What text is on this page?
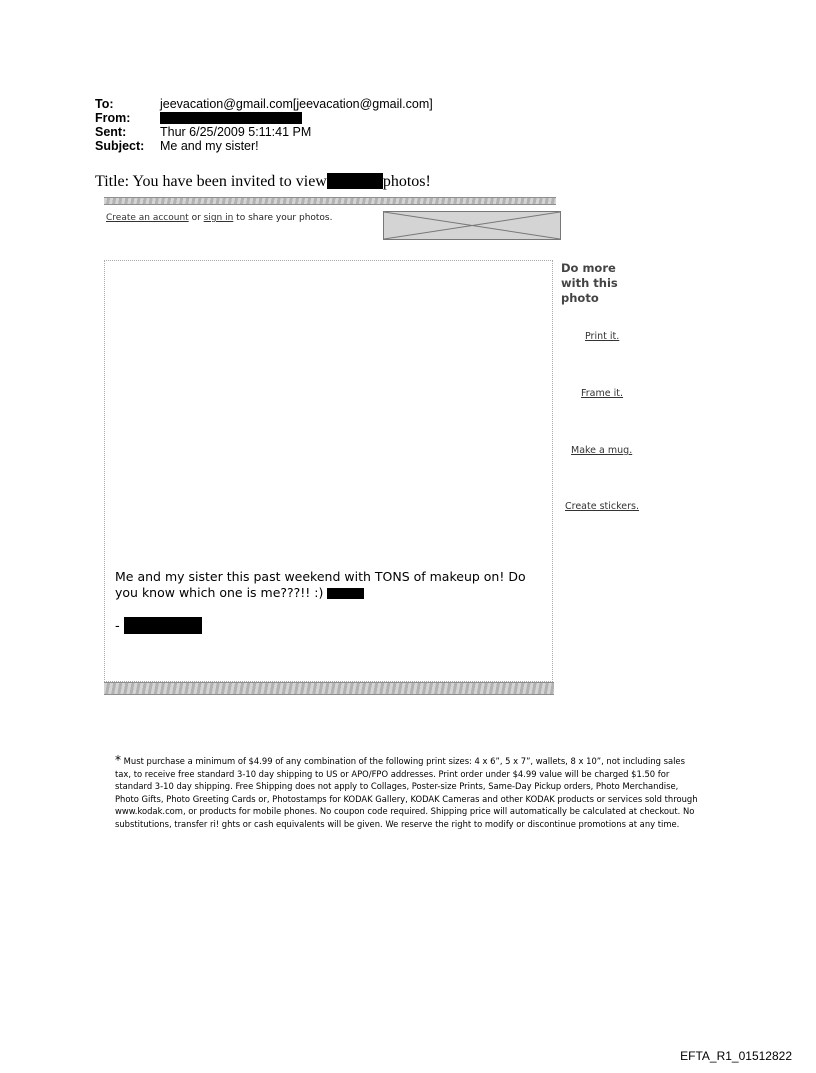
To:	jeevacation@gmail.com[jeevacation@gmail.com]
From:
Sent:	Thur 6/25/2009 5:11:41 PM
Subject:	Me and my sister!
Title: You have been invited to view	photos!
Create an account or sign in to share your photos.
Me and my sister this past weekend with TONS of makeup on! Do you know which one is me???!! :)
-
Do more with this photo
Print it.
Frame it.
Make a mug.
Create stickers.
* Must purchase a minimum of $4.99 of any combination of the following print sizes: 4 x 6”, 5 x 7”, wallets, 8 x 10”, not including sales tax, to receive free standard 3-10 day shipping to US or APO/FPO addresses. Print order under $4.99 value will be charged $1.50 for standard 3-10 day shipping. Free Shipping does not apply to Collages, Poster-size Prints, Same-Day Pickup orders, Photo Merchandise, Photo Gifts, Photo Greeting Cards or, Photostamps for KODAK Gallery, KODAK Cameras and other KODAK products or services sold through www.kodak.com, or products for mobile phones. No coupon code required. Shipping price will automatically be calculated at checkout. No substitutions, transfer ri! ghts or cash equivalents will be given. We reserve the right to modify or discontinue promotions at any time.
EFTA_R1_01512822
